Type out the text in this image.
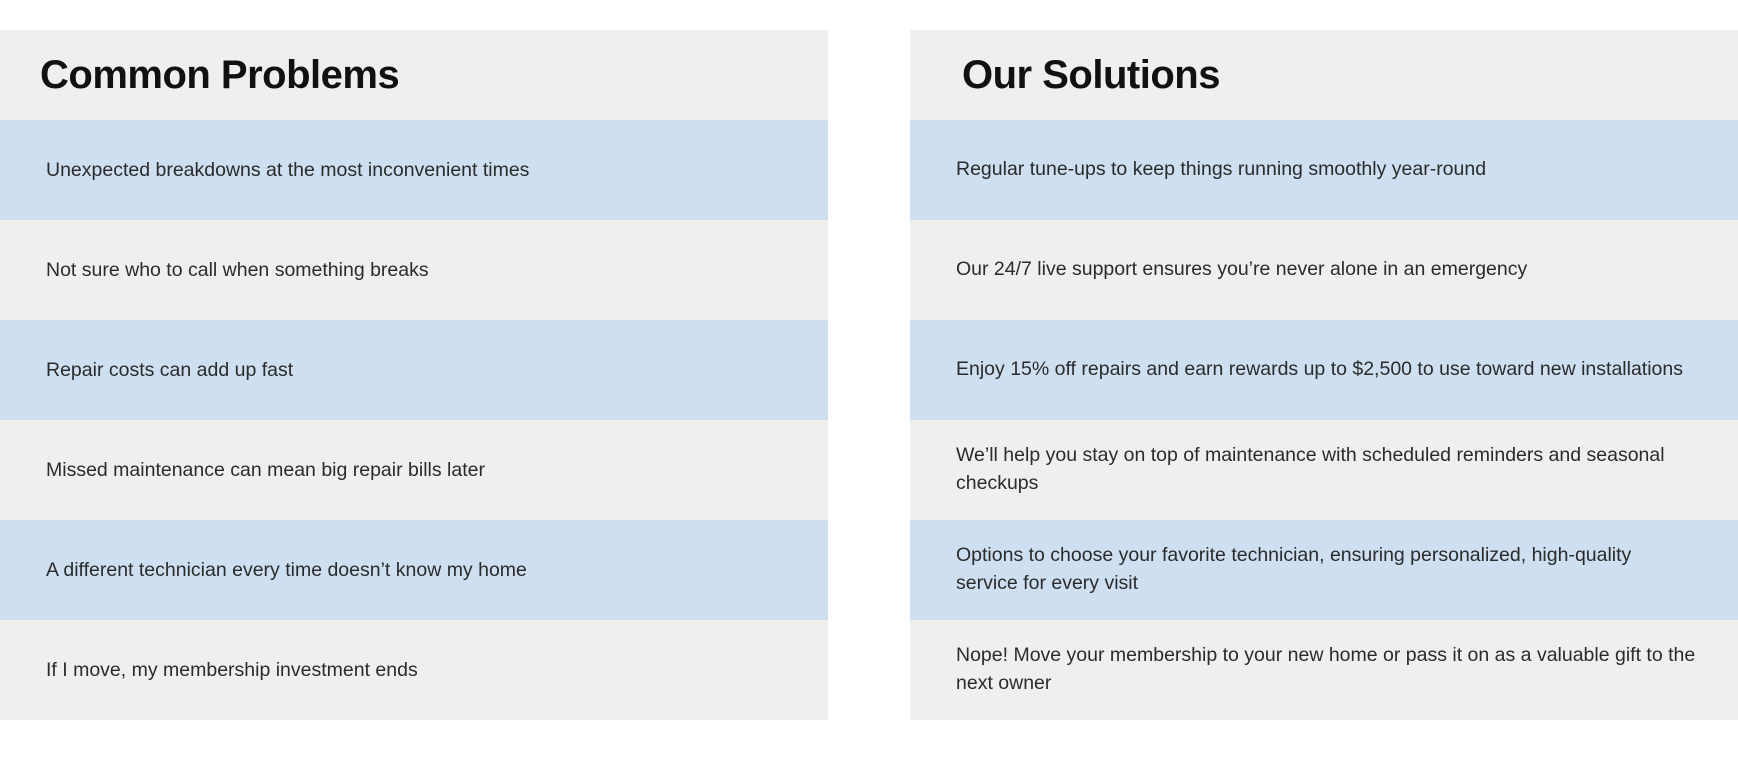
Common Problems
Unexpected breakdowns at the most inconvenient times
Not sure who to call when something breaks
Repair costs can add up fast
Missed maintenance can mean big repair bills later
A different technician every time doesn’t know my home
If I move, my membership investment ends
Our Solutions
Regular tune-ups to keep things running smoothly year-round
Our 24/7 live support ensures you’re never alone in an emergency
Enjoy 15% off repairs and earn rewards up to $2,500 to use toward new installations
We’ll help you stay on top of maintenance with scheduled reminders and seasonal checkups
Options to choose your favorite technician, ensuring personalized, high-quality service for every visit
Nope! Move your membership to your new home or pass it on as a valuable gift to the next owner
